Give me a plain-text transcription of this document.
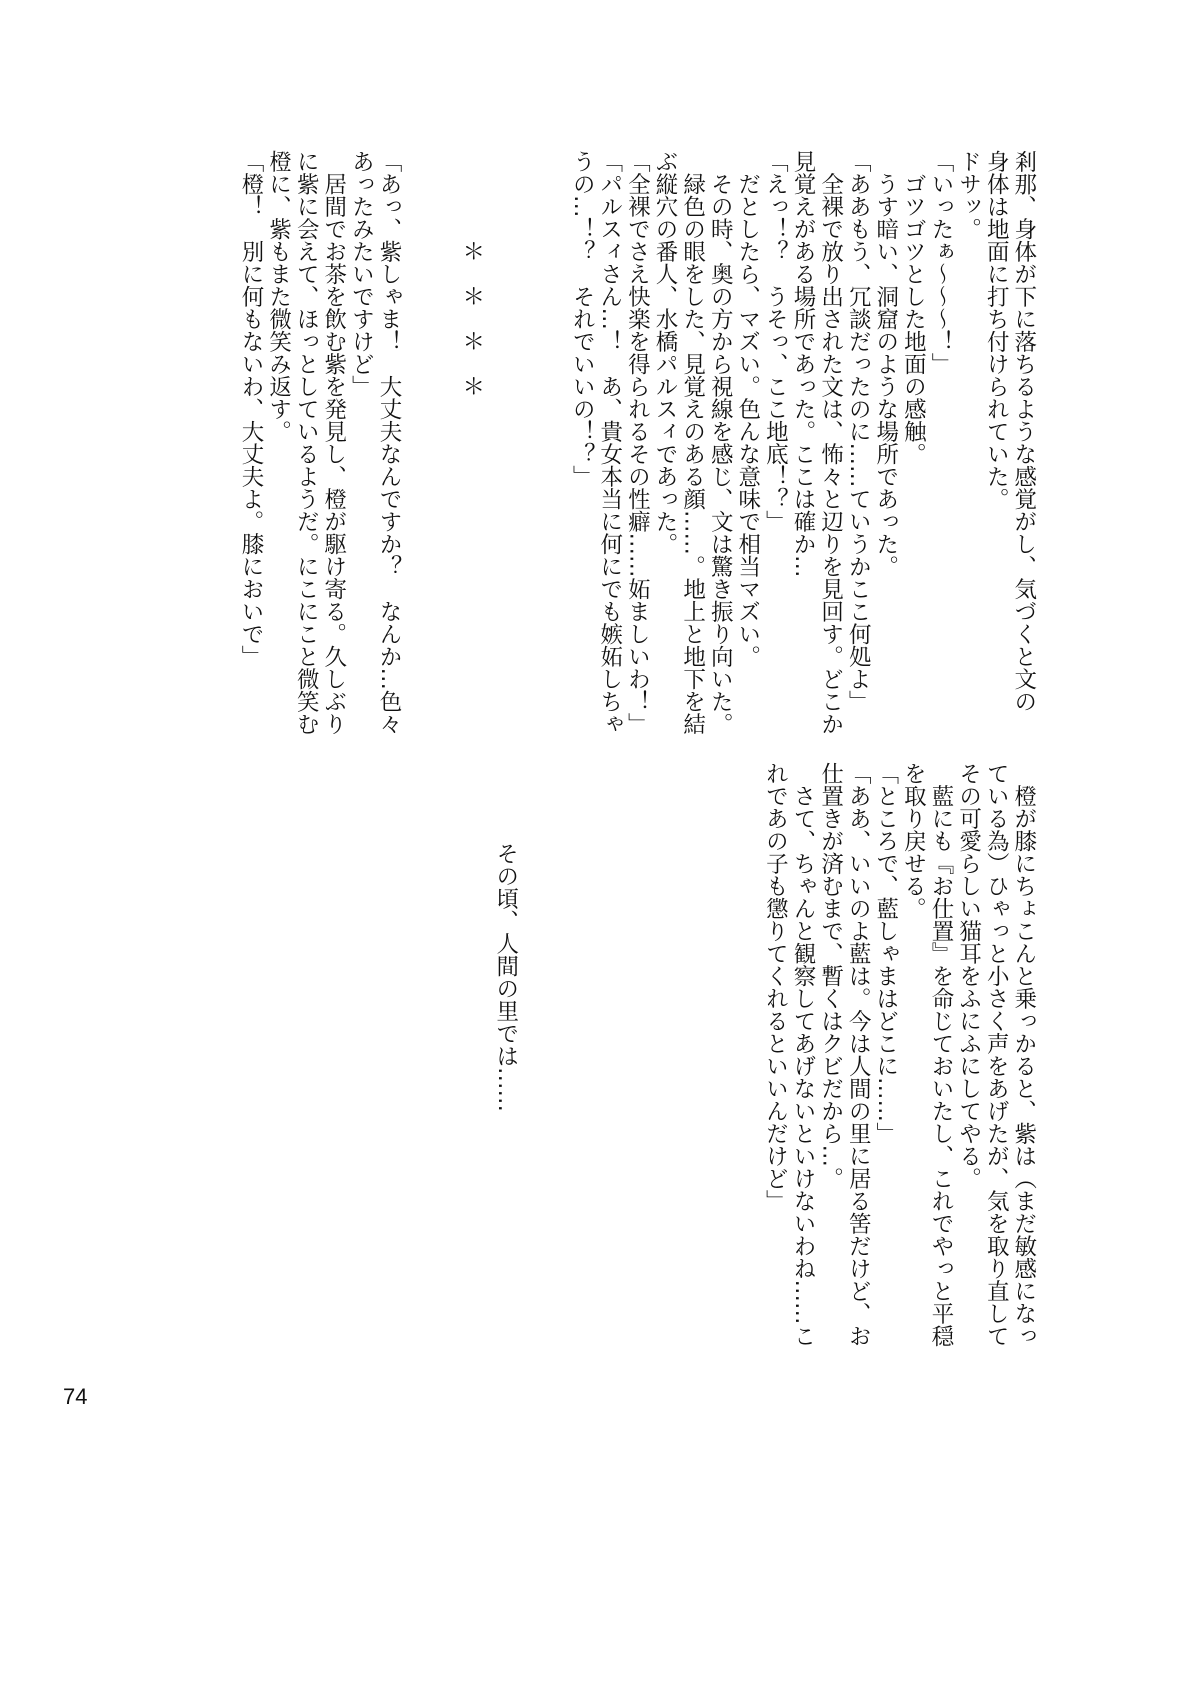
剎那、身体が下に落ちるような感覚がし、気づくと文の
身体は地面に打ち付けられていた。
ドサッ。
「いったぁ～～～！」
　ゴツゴツとした地面の感触。
　うす暗い、洞窟のような場所であった。
「ああもう、冗談だったのに……ていうかここ何処よ」
　全裸で放り出された文は、怖々と辺りを見回す。どこか
見覚えがある場所であった。ここは確か…
「えっ！？　うそっ、ここ地底！？」
　だとしたら、マズい。色んな意味で相当マズい。
　その時、奥の方から視線を感じ、文は驚き振り向いた。
　緑色の眼をした、見覚えのある顔……。地上と地下を結
ぶ縦穴の番人、水橋パルスィであった。
「全裸でさえ快楽を得られるその性癖……妬ましいわ！」
「パルスィさん…！　あ、貴女本当に何にでも嫉妬しちゃ
うの…！？　それでいいの！？」
　　　　＊　＊　＊　＊
「あっ、紫しゃま！　大丈夫なんですか？　なんか…色々
あったみたいですけど」
　居間でお茶を飲む紫を発見し、橙が駆け寄る。久しぶり
に紫に会えて、ほっとしているようだ。にこにこと微笑む
橙に、紫もまた微笑み返す。
「橙！　別に何もないわ、大丈夫よ。膝においで」
　橙が膝にちょこんと乗っかると、紫は（まだ敏感になっ
ている為）ひゃっと小さく声をあげたが、気を取り直して
その可愛らしい猫耳をふにふにしてやる。
　藍にも『お仕置』を命じておいたし、これでやっと平穏
を取り戻せる。
「ところで、藍しゃまはどこに……」
「ああ、いいのよ藍は。今は人間の里に居る筈だけど、お
仕置きが済むまで、暫くはクビだから…。
　さて、ちゃんと観察してあげないといけないわね……こ
れであの子も懲りてくれるといいんだけど」
その頃、人間の里では……
74
